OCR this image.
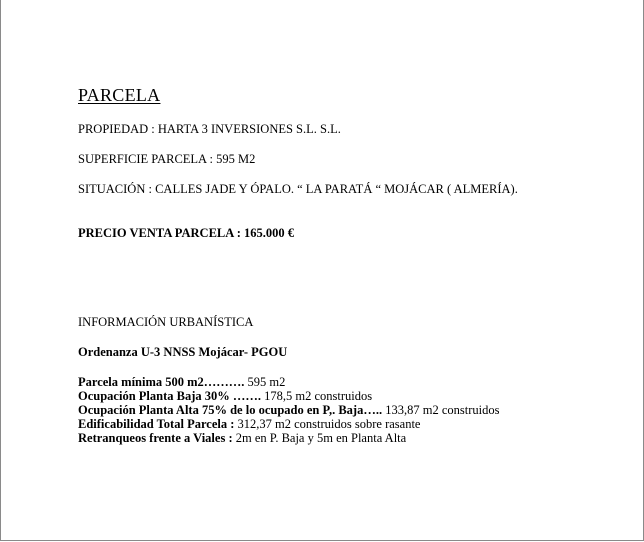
PARCELA
PROPIEDAD : HARTA 3 INVERSIONES S.L. S.L.
SUPERFICIE PARCELA : 595 M2
SITUACIÓN : CALLES JADE Y ÓPALO. “ LA PARATÁ “ MOJÁCAR ( ALMERÍA).
PRECIO VENTA PARCELA : 165.000 €
INFORMACIÓN URBANÍSTICA
Ordenanza U-3 NNSS Mojácar- PGOU
Parcela mínima 500 m2………. 595 m2
Ocupación Planta Baja 30% ……. 178,5 m2 construidos
Ocupación Planta Alta 75% de lo ocupado en P,. Baja….. 133,87 m2 construidos
Edificabilidad Total Parcela : 312,37 m2 construidos sobre rasante
Retranqueos frente a Viales : 2m en P. Baja y 5m en Planta Alta
